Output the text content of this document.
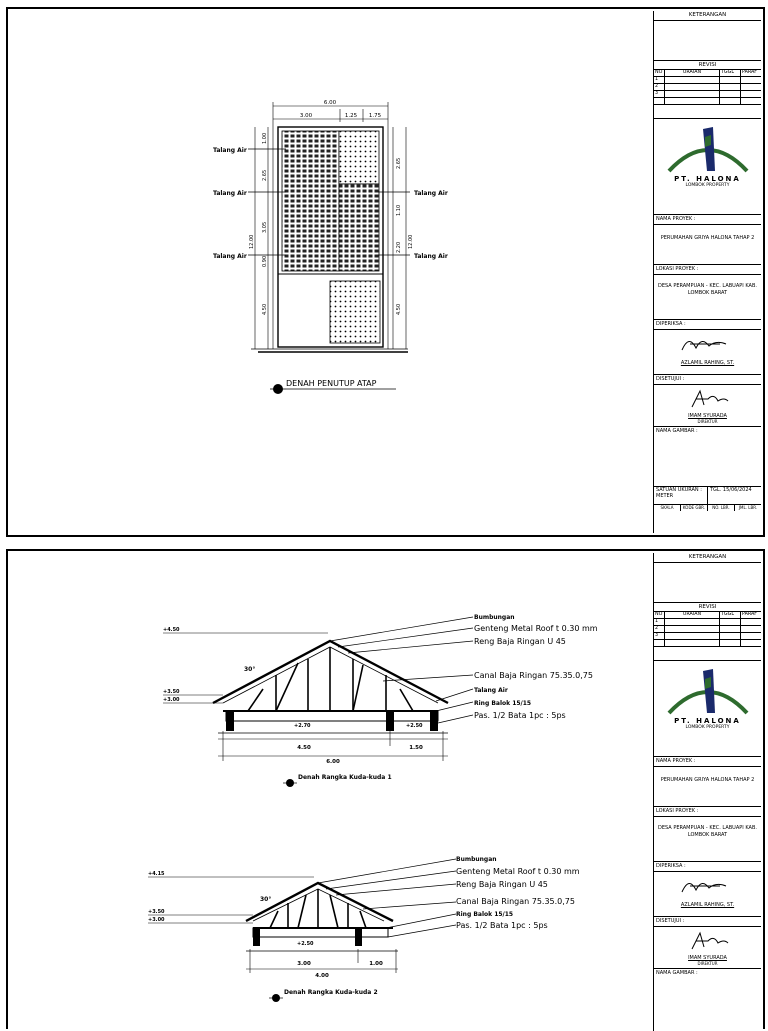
6.00
3.00	1.25 1.75
1.00
2.65
3.05
12.00
0.90
4.50
2.65
1.10
2.20 12.00
4.50
Talang Air
Talang Air
Talang Air
Talang Air
Talang Air
DENAH PENUTUP ATAP
KETERANGAN
REVISI
NO	URAIAN	TGGL	PARAF
1			
2			
3			

PT. HALONA
LOMBOK PROPERTY
NAMA PROYEK :
PERUMAHAN GRIYA HALONA TAHAP 2
LOKASI PROYEK :
DESA PERAMPUAN - KEC. LABUAPI KAB. LOMBOK BARAT
DIPERIKSA :
AZLAMIL RAHING, ST.
DISETUJUI :
IMAM SYURADA
DIREKTUR
NAMA GAMBAR :
SATUAN UKURAN :
METER
TGL. 15/06/2024
SKALA	KODE GBR.	NO. LBR.	JML. LBR.
Bumbungan
Genteng Metal Roof t 0.30 mm
Reng Baja Ringan U 45
Canal Baja Ringan 75.35.0,75
Talang Air
Ring Balok 15/15
Pas. 1/2 Bata 1pc : 5ps
+4.50
+3.50
+3.00
+2.70	+2.50
30°
4.50	1.50
6.00
Denah Rangka Kuda-kuda 1
Bumbungan
Genteng Metal Roof t 0.30 mm
Reng Baja Ringan U 45
Canal Baja Ringan 75.35.0,75
Ring Balok 15/15
Pas. 1/2 Bata 1pc : 5ps
+4.15
+3.50
+3.00
+2.50
30°
3.00	1.00
4.00
Denah Rangka Kuda-kuda 2
KETERANGAN
REVISI
NO	URAIAN	TGGL	PARAF
1			
2			
3			

PT. HALONA
LOMBOK PROPERTY
NAMA PROYEK :
PERUMAHAN GRIYA HALONA TAHAP 2
LOKASI PROYEK :
DESA PERAMPUAN - KEC. LABUAPI KAB. LOMBOK BARAT
DIPERIKSA :
AZLAMIL RAHING, ST.
DISETUJUI :
IMAM SYURADA
DIREKTUR
NAMA GAMBAR :
